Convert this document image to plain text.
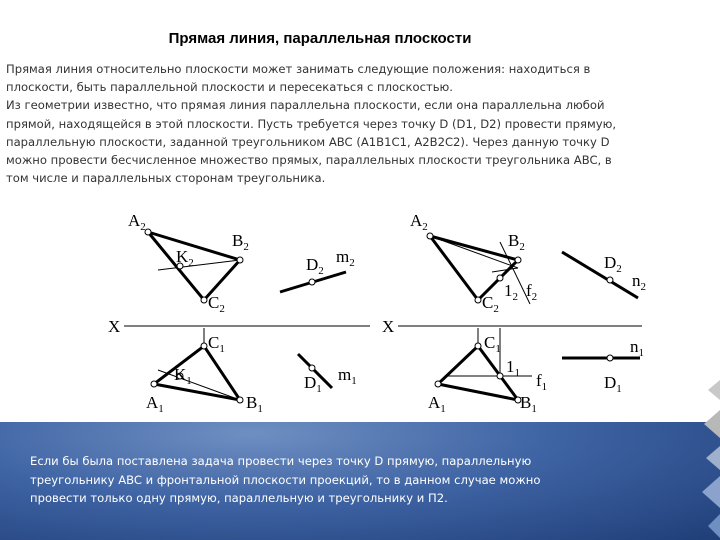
Прямая линия, параллельная плоскости
Прямая линия относительно плоскости может занимать следующие положения: находиться в
плоскости, быть параллельной плоскости и пересекаться с плоскостью.
Из геометрии известно, что прямая линия параллельна плоскости, если она параллельна любой
прямой, находящейся в этой плоскости. Пусть требуется через точку D (D1, D2) провести прямую,
параллельную плоскости, заданной треугольником ABC (A1B1C1, A2B2C2). Через данную точку D
можно провести бесчисленное множество прямых, параллельных плоскости треугольника ABC, в
том числе и параллельных сторонам треугольника.
X	X
$A_2$
$B_2$
$C_2$
$K_2$	$D_2$
$m_2$
$A_1$	$B_1$
$C_1$
$K_1$	$D_1$
$m_1$
$A_2$
$B_2$
$C_2$
$1_2$ $f_2$
$D_2$
$n_2$
$A_1$	$B_1$
$C_1$
$1_1$ $f_1$	$D_1$
$n_1$
Если бы была поставлена задача провести через точку D прямую, параллельную
треугольнику ABC и фронтальной плоскости проекций, то в данном случае можно
провести только одну прямую, параллельную и треугольнику и П2.
